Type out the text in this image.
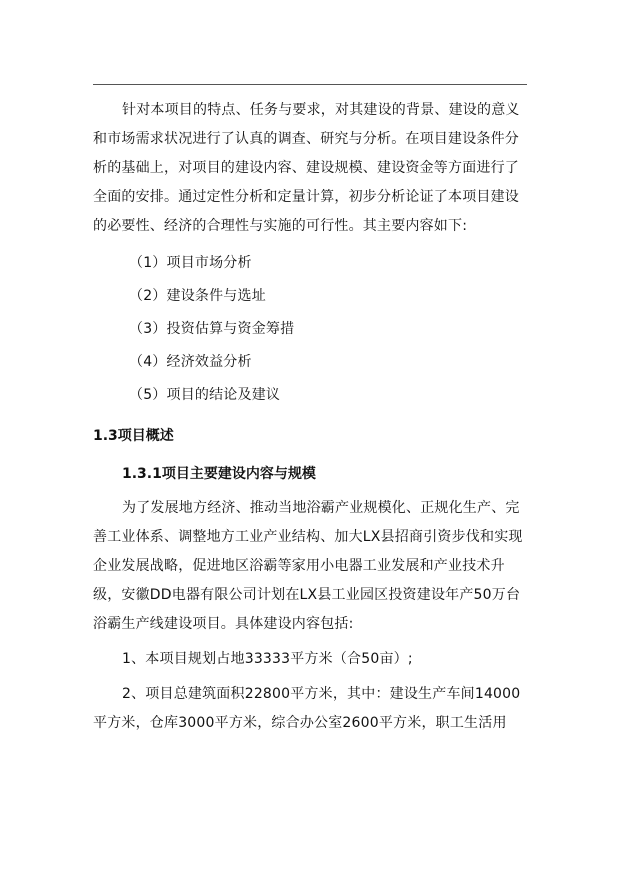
针对本项目的特点、任务与要求，对其建设的背景、建设的意义和市场需求状况进行了认真的调查、研究与分析。在项目建设条件分析的基础上，对项目的建设内容、建设规模、建设资金等方面进行了全面的安排。通过定性分析和定量计算，初步分析论证了本项目建设的必要性、经济的合理性与实施的可行性。其主要内容如下:

（1）项目市场分析

（2）建设条件与选址

（3）投资估算与资金筹措

（4）经济效益分析

（5）项目的结论及建议

1.3项目概述

1.3.1项目主要建设内容与规模

为了发展地方经济、推动当地浴霸产业规模化、正规化生产、完善工业体系、调整地方工业产业结构、加大LX县招商引资步伐和实现企业发展战略，促进地区浴霸等家用小电器工业发展和产业技术升级，安徽DD电器有限公司计划在LX县工业园区投资建设年产50万台浴霸生产线建设项目。具体建设内容包括:

1、本项目规划占地33333平方米（合50亩）;

2、项目总建筑面积22800平方米，其中：建设生产车间14000平方米，仓库3000平方米，综合办公室2600平方米，职工生活用
